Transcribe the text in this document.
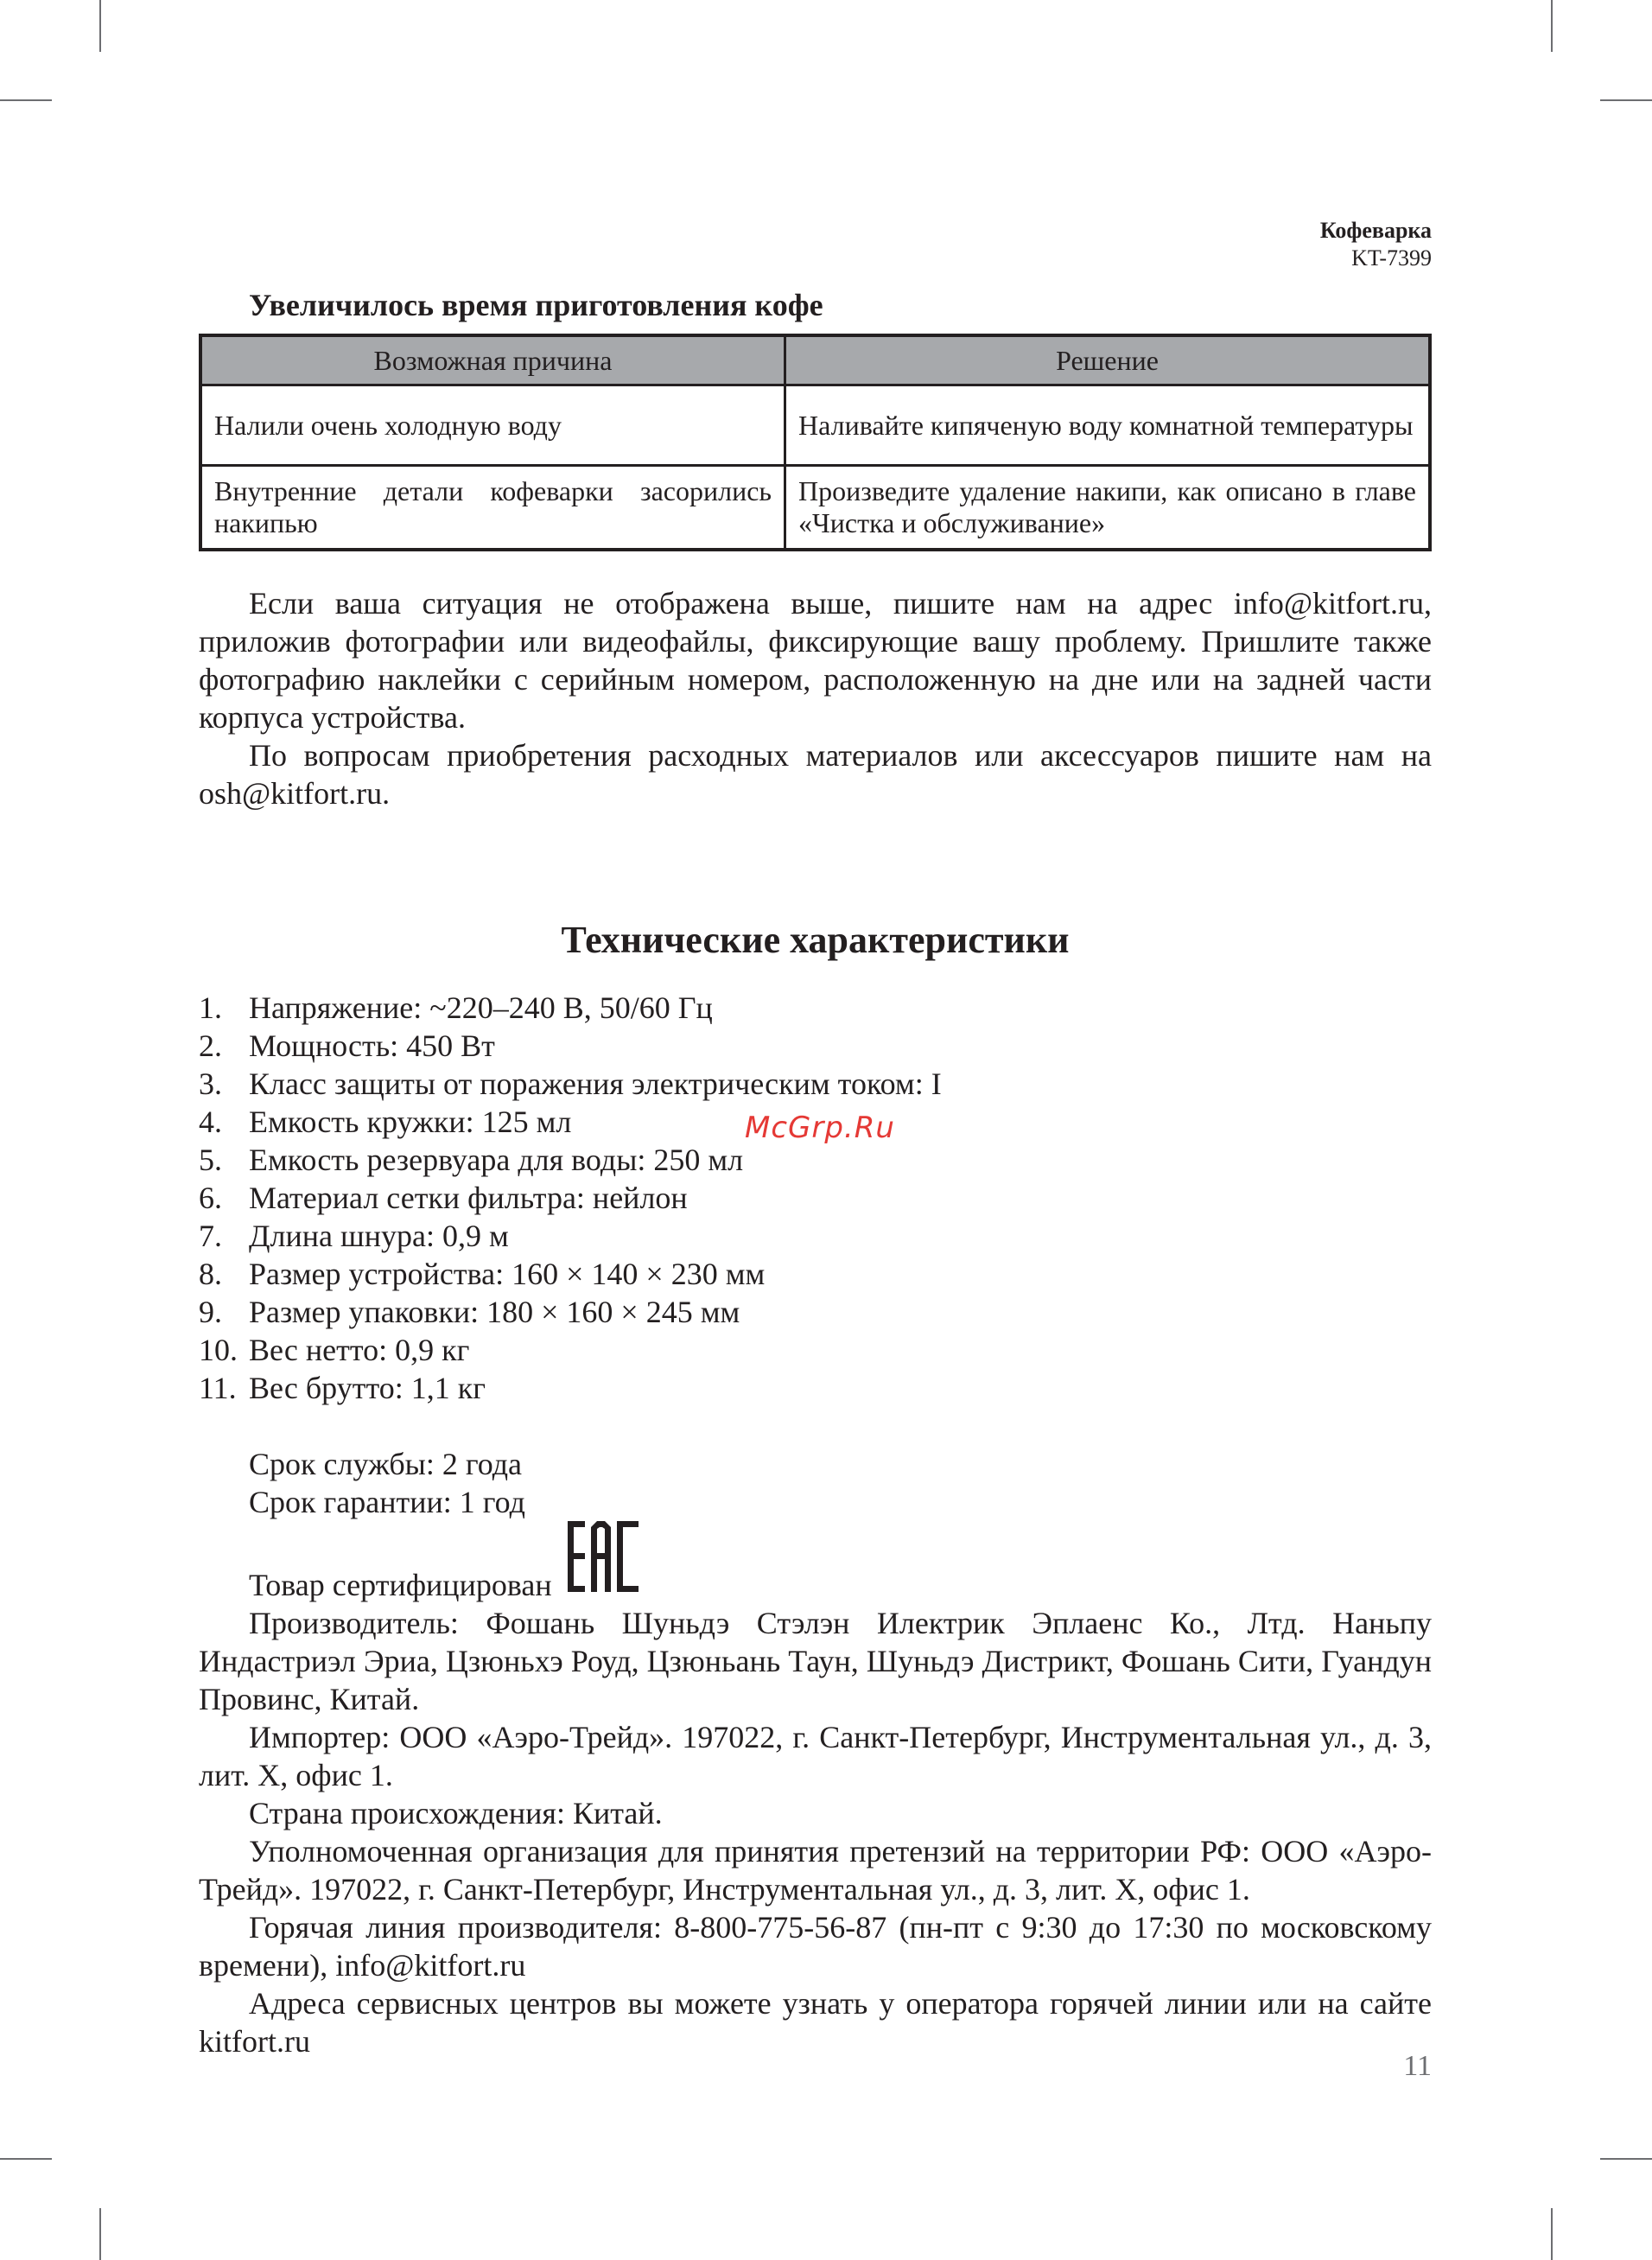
Кофеварка
KT-7399
Увеличилось время приготовления кофе
Возможная причина	Решение
Налили очень холодную воду	Наливайте кипяченую воду комнатной температуры
Внутренние детали кофеварки засорились накипью	Произведите удаление накипи, как описано в главе «Чистка и обслуживание»

Если ваша ситуация не отображена выше, пишите нам на адрес info@kitfort.ru, приложив фотографии или видеофайлы, фиксирующие вашу проблему. Пришлите также фотографию наклейки с серийным номером, расположенную на дне или на задней части корпуса устройства.

По вопросам приобретения расходных материалов или аксессуаров пишите нам на osh@kitfort.ru.

Технические характеристики
1. Напряжение: ~220–240 В, 50/60 Гц
2. Мощность: 450 Вт
3. Класс защиты от поражения электрическим током: I
4. Емкость кружки: 125 мл
5. Емкость резервуара для воды: 250 мл
6. Материал сетки фильтра: нейлон
7. Длина шнура: 0,9 м
8. Размер устройства: 160 × 140 × 230 мм
9. Размер упаковки: 180 × 160 × 245 мм
10. Вес нетто: 0,9 кг
11. Вес брутто: 1,1 кг
Срок службы: 2 года
Срок гарантии: 1 год
Товар сертифицирован

Производитель: Фошань Шуньдэ Стэлэн Илектрик Эплаенс Ко., Лтд. Наньпу Индастриэл Эриа, Цзюньхэ Роуд, Цзюньань Таун, Шуньдэ Дистрикт, Фошань Сити, Гуандун Провинс, Китай.

Импортер: ООО «Аэро-Трейд». 197022, г. Санкт-Петербург, Инструментальная ул., д. 3, лит. Х, офис 1.

Страна происхождения: Китай.

Уполномоченная организация для принятия претензий на территории РФ: ООО «Аэро-Трейд». 197022, г. Санкт-Петербург, Инструментальная ул., д. 3, лит. Х, офис 1.

Горячая линия производителя: 8-800-775-56-87 (пн-пт с 9:30 до 17:30 по московскому времени), info@kitfort.ru

Адреса сервисных центров вы можете узнать у оператора горячей линии или на сайте kitfort.ru

McGrp.Ru
11
